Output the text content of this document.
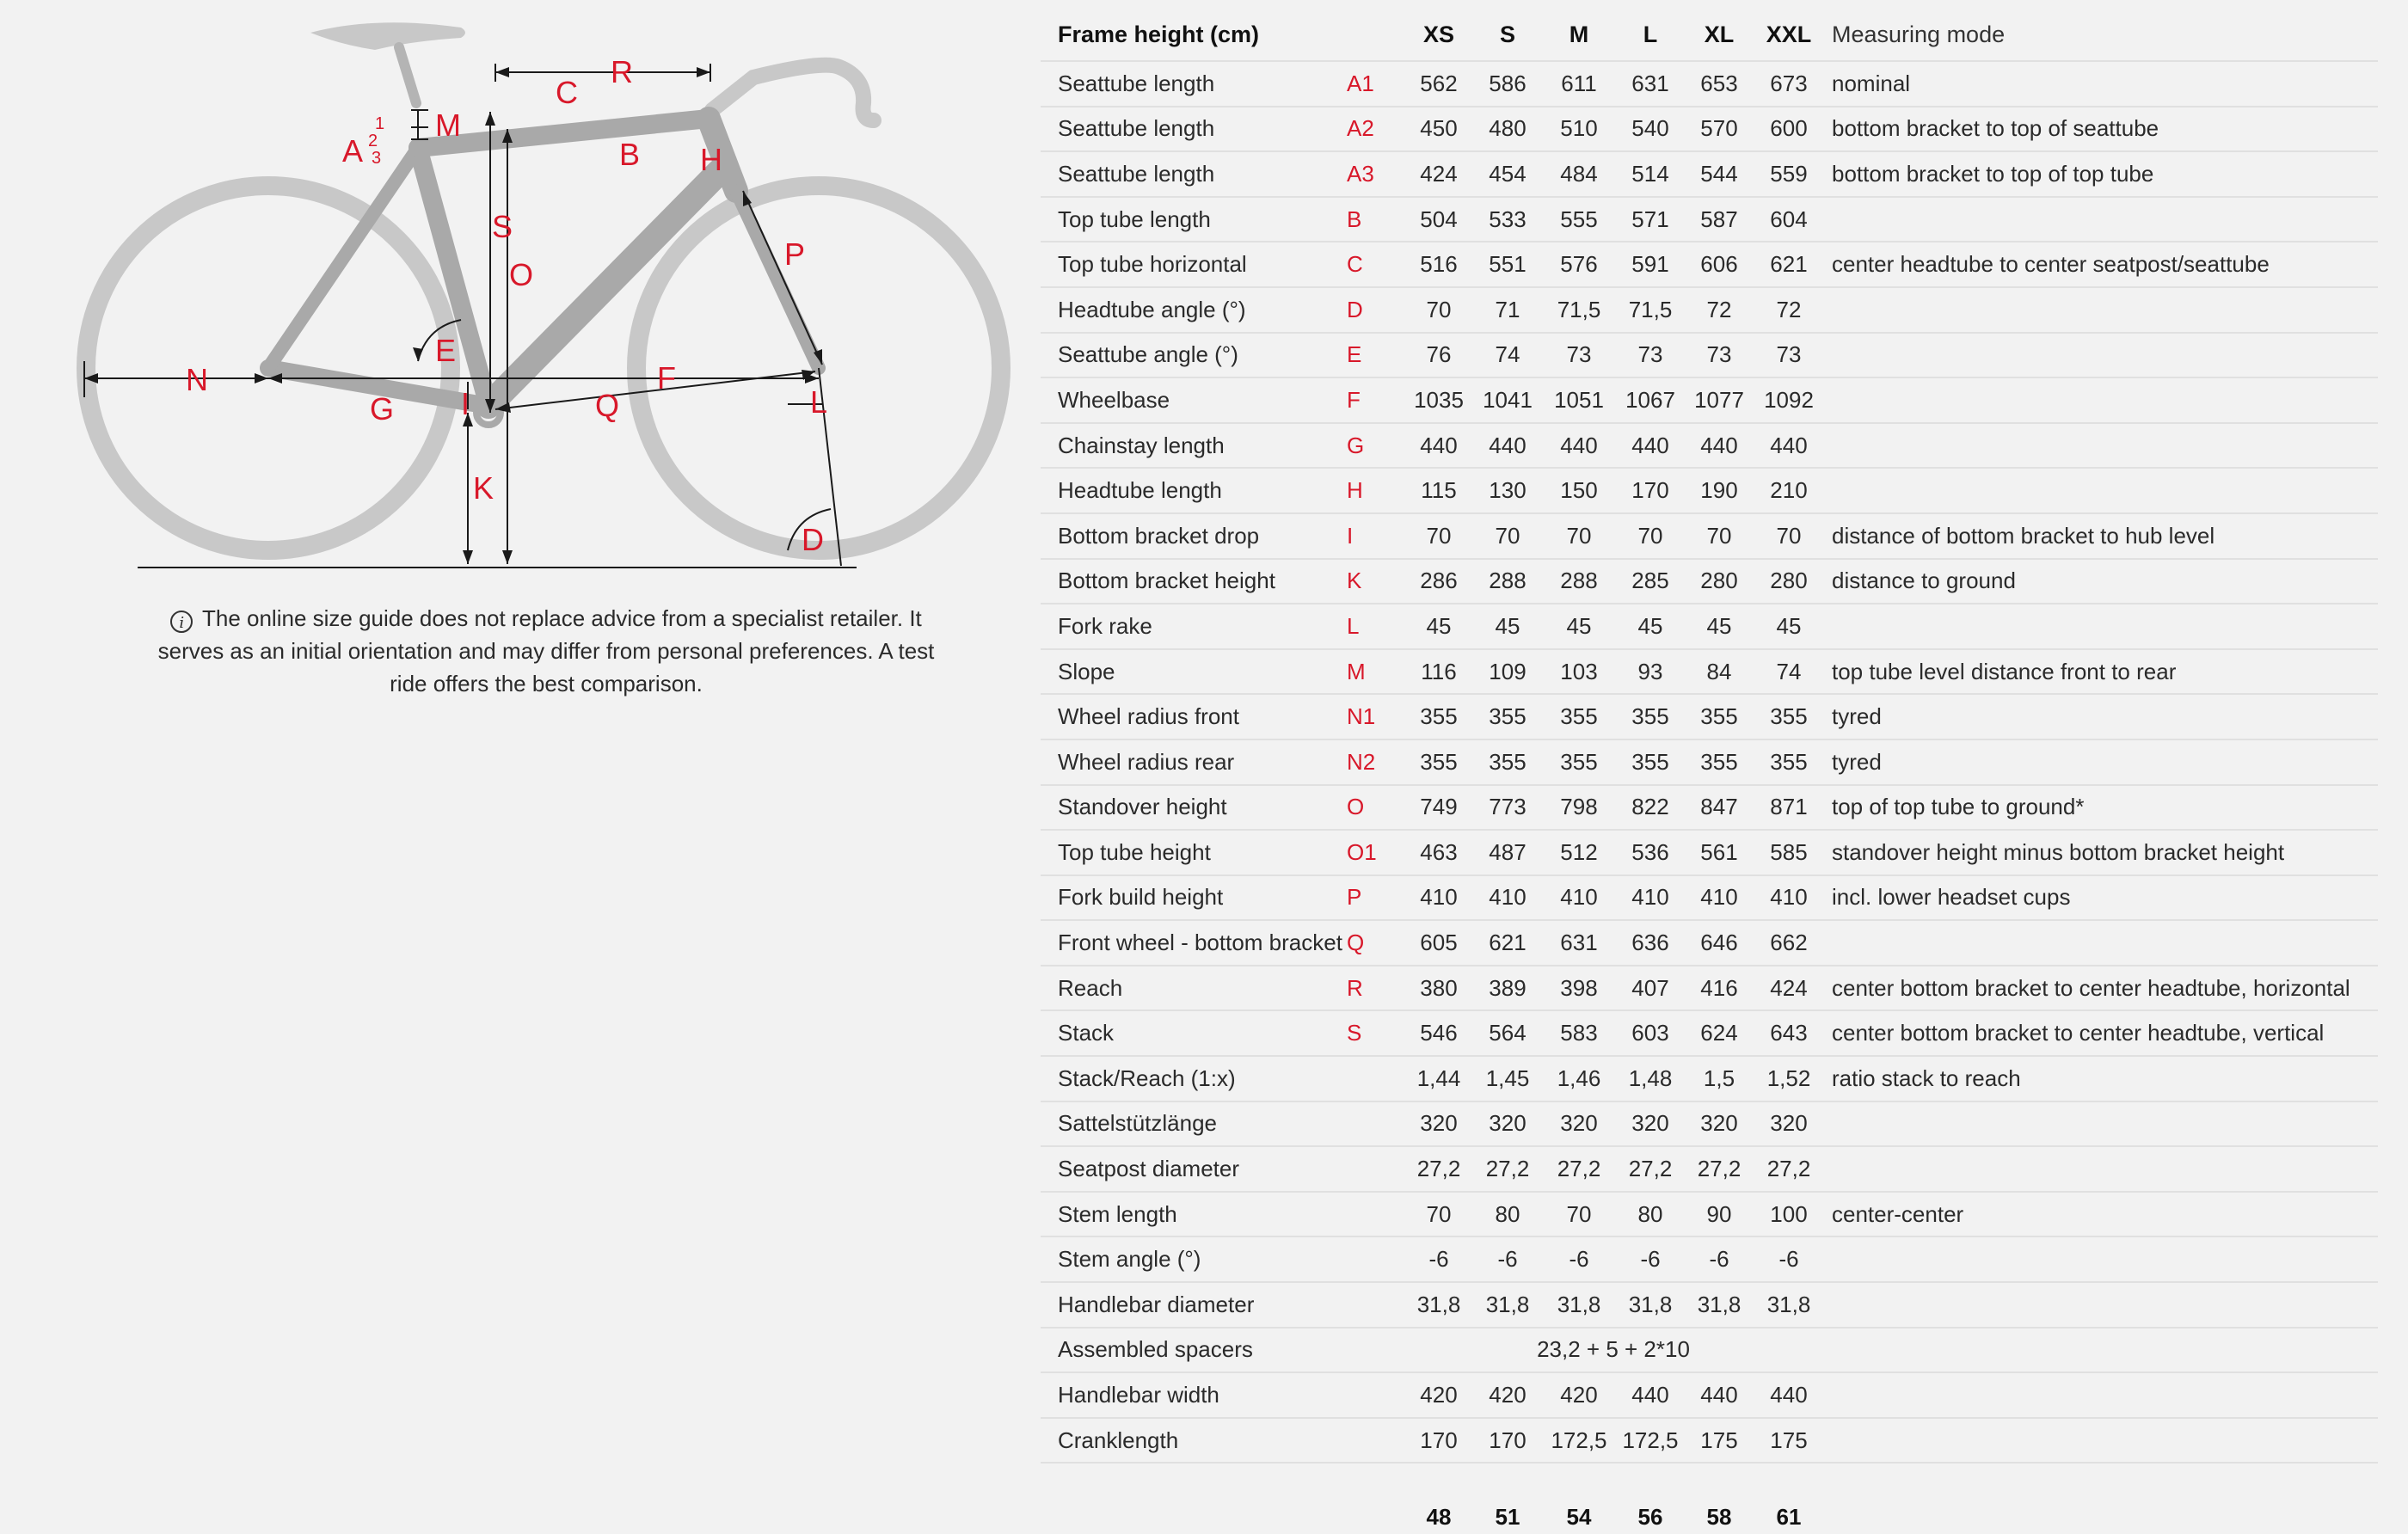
A
1
2
3
M
C
R
B H
S
O
P
E
N	F
G I	Q	L
K
D
i The online size guide does not replace advice from a specialist retailer. It serves as an initial orientation and may differ from personal preferences. A test ride offers the best comparison.
Frame height (cm)		XS	S	M	L	XL	XXL	Measuring mode
Seattube length	A1	562	586	611	631	653	673	nominal
Seattube length	A2	450	480	510	540	570	600	bottom bracket to top of seattube
Seattube length	A3	424	454	484	514	544	559	bottom bracket to top of top tube
Top tube length	B	504	533	555	571	587	604	
Top tube horizontal	C	516	551	576	591	606	621	center headtube to center seatpost/seattube
Headtube angle (°)	D	70	71	71,5	71,5	72	72	
Seattube angle (°)	E	76	74	73	73	73	73	
Wheelbase	F	1035	1041	1051	1067	1077	1092	
Chainstay length	G	440	440	440	440	440	440	
Headtube length	H	115	130	150	170	190	210	
Bottom bracket drop	I	70	70	70	70	70	70	distance of bottom bracket to hub level
Bottom bracket height	K	286	288	288	285	280	280	distance to ground
Fork rake	L	45	45	45	45	45	45	
Slope	M	116	109	103	93	84	74	top tube level distance front to rear
Wheel radius front	N1	355	355	355	355	355	355	tyred
Wheel radius rear	N2	355	355	355	355	355	355	tyred
Standover height	O	749	773	798	822	847	871	top of top tube to ground*
Top tube height	O1	463	487	512	536	561	585	standover height minus bottom bracket height
Fork build height	P	410	410	410	410	410	410	incl. lower headset cups
Front wheel - bottom bracket	Q	605	621	631	636	646	662	
Reach	R	380	389	398	407	416	424	center bottom bracket to center headtube, horizontal
Stack	S	546	564	583	603	624	643	center bottom bracket to center headtube, vertical
Stack/Reach (1:x)		1,44	1,45	1,46	1,48	1,5	1,52	ratio stack to reach
Sattelstützlänge		320	320	320	320	320	320	
Seatpost diameter		27,2	27,2	27,2	27,2	27,2	27,2	
Stem length		70	80	70	80	90	100	center-center
Stem angle (°)		-6	-6	-6	-6	-6	-6	
Handlebar diameter		31,8	31,8	31,8	31,8	31,8	31,8	
Assembled spacers		23,2 + 5 + 2*10						
Handlebar width		420	420	420	440	440	440	
Cranklength		170	170	172,5	172,5	175	175	
		48	51	54	56	58	61	
